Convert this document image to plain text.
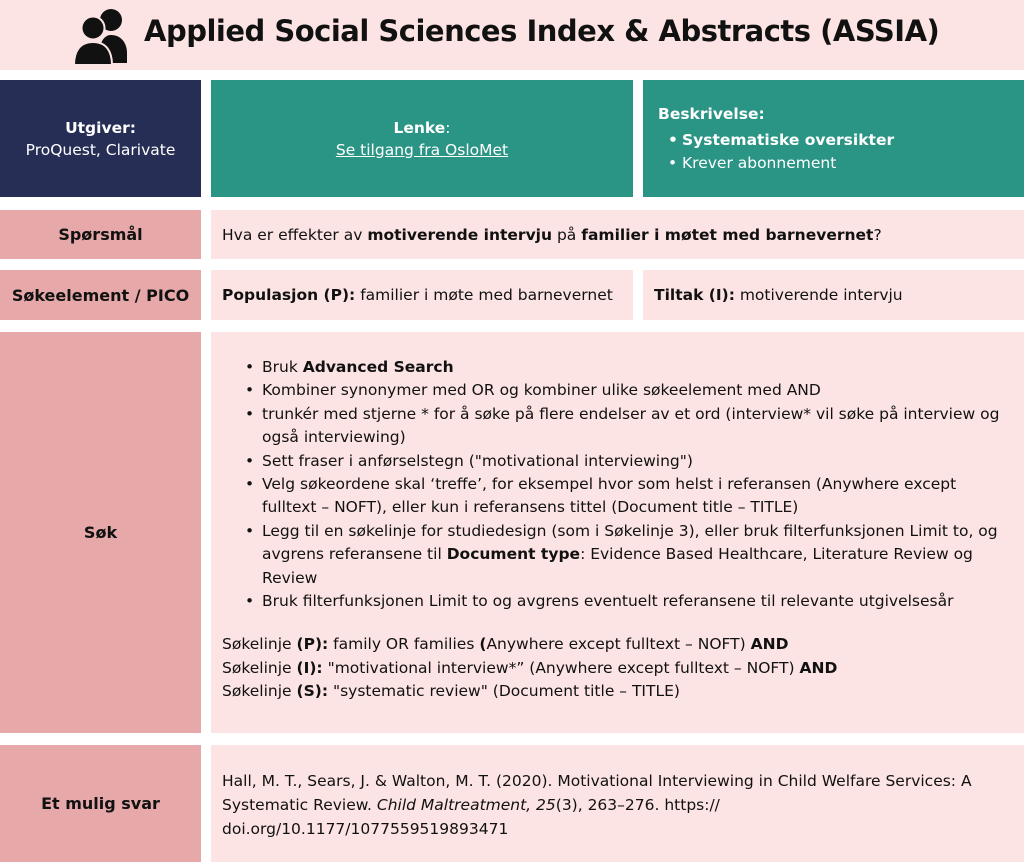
Applied Social Sciences Index & Abstracts (ASSIA)
Utgiver:
ProQuest, Clarivate
Lenke:
Se tilgang fra OsloMet
Beskrivelse:
• Systematiske oversikter
• Krever abonnement
Spørsmål	Hva er effekter av motiverende intervju på familier i møtet med barnevernet?
Søkeelement / PICO Populasjon (P): familier i møte med barnevernet	Tiltak (I): motiverende intervju
Søk
• Bruk Advanced Search
• Kombiner synonymer med OR og kombiner ulike søkeelement med AND
• trunkér med stjerne * for å søke på flere endelser av et ord (interview* vil søke på interview og også interviewing)
• Sett fraser i anførselstegn ("motivational interviewing")
• Velg søkeordene skal ‘treffe’, for eksempel hvor som helst i referansen (Anywhere except fulltext – NOFT), eller kun i referansens tittel (Document title – TITLE)
• Legg til en søkelinje for studiedesign (som i Søkelinje 3), eller bruk filterfunksjonen Limit to, og avgrens referansene til Document type: Evidence Based Healthcare, Literature Review og Review
• Bruk filterfunksjonen Limit to og avgrens eventuelt referansene til relevante utgivelsesår
Søkelinje (P): family OR families (Anywhere except fulltext – NOFT) AND
Søkelinje (I): "motivational interview*” (Anywhere except fulltext – NOFT) AND
Søkelinje (S): "systematic review" (Document title – TITLE)
Et mulig svar
Hall, M. T., Sears, J. & Walton, M. T. (2020). Motivational Interviewing in Child Welfare Services: A Systematic Review. Child Maltreatment, 25(3), 263–276. https://
doi.org/10.1177/1077559519893471
